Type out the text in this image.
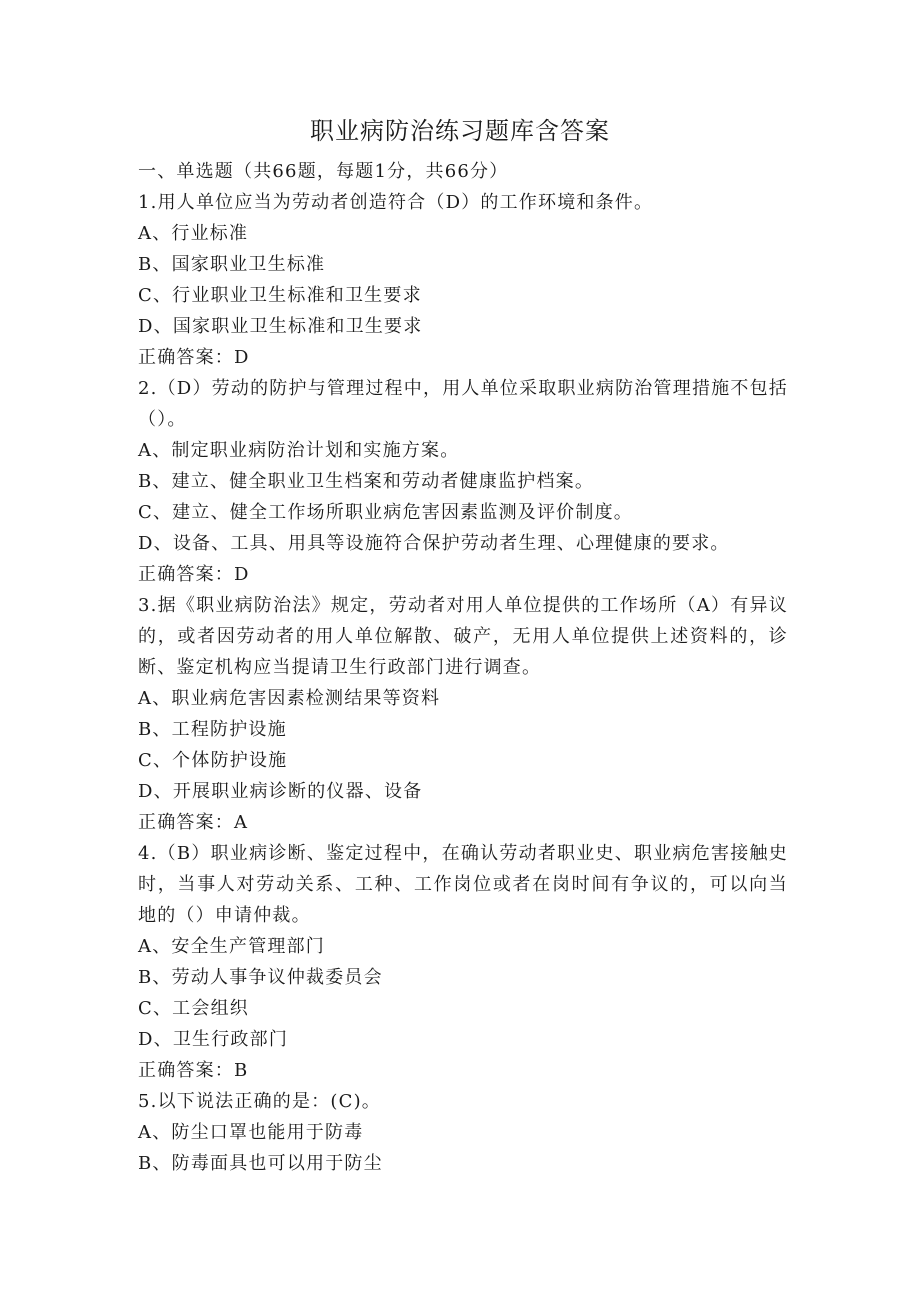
职业病防治练习题库含答案

一、单选题（共66题，每题1分，共66分）

1.用人单位应当为劳动者创造符合（D）的工作环境和条件。

A、行业标准

B、国家职业卫生标准

C、行业职业卫生标准和卫生要求

D、国家职业卫生标准和卫生要求

正确答案：D

2.（D）劳动的防护与管理过程中，用人单位采取职业病防治管理措施不包括（）。

A、制定职业病防治计划和实施方案。

B、建立、健全职业卫生档案和劳动者健康监护档案。

C、建立、健全工作场所职业病危害因素监测及评价制度。

D、设备、工具、用具等设施符合保护劳动者生理、心理健康的要求。

正确答案：D

3.据《职业病防治法》规定，劳动者对用人单位提供的工作场所（A）有异议的，或者因劳动者的用人单位解散、破产，无用人单位提供上述资料的，诊断、鉴定机构应当提请卫生行政部门进行调查。

A、职业病危害因素检测结果等资料

B、工程防护设施

C、个体防护设施

D、开展职业病诊断的仪器、设备

正确答案：A

4.（B）职业病诊断、鉴定过程中，在确认劳动者职业史、职业病危害接触史时，当事人对劳动关系、工种、工作岗位或者在岗时间有争议的，可以向当地的（）申请仲裁。

A、安全生产管理部门

B、劳动人事争议仲裁委员会

C、工会组织

D、卫生行政部门

正确答案：B

5.以下说法正确的是：(C)。

A、防尘口罩也能用于防毒

B、防毒面具也可以用于防尘
